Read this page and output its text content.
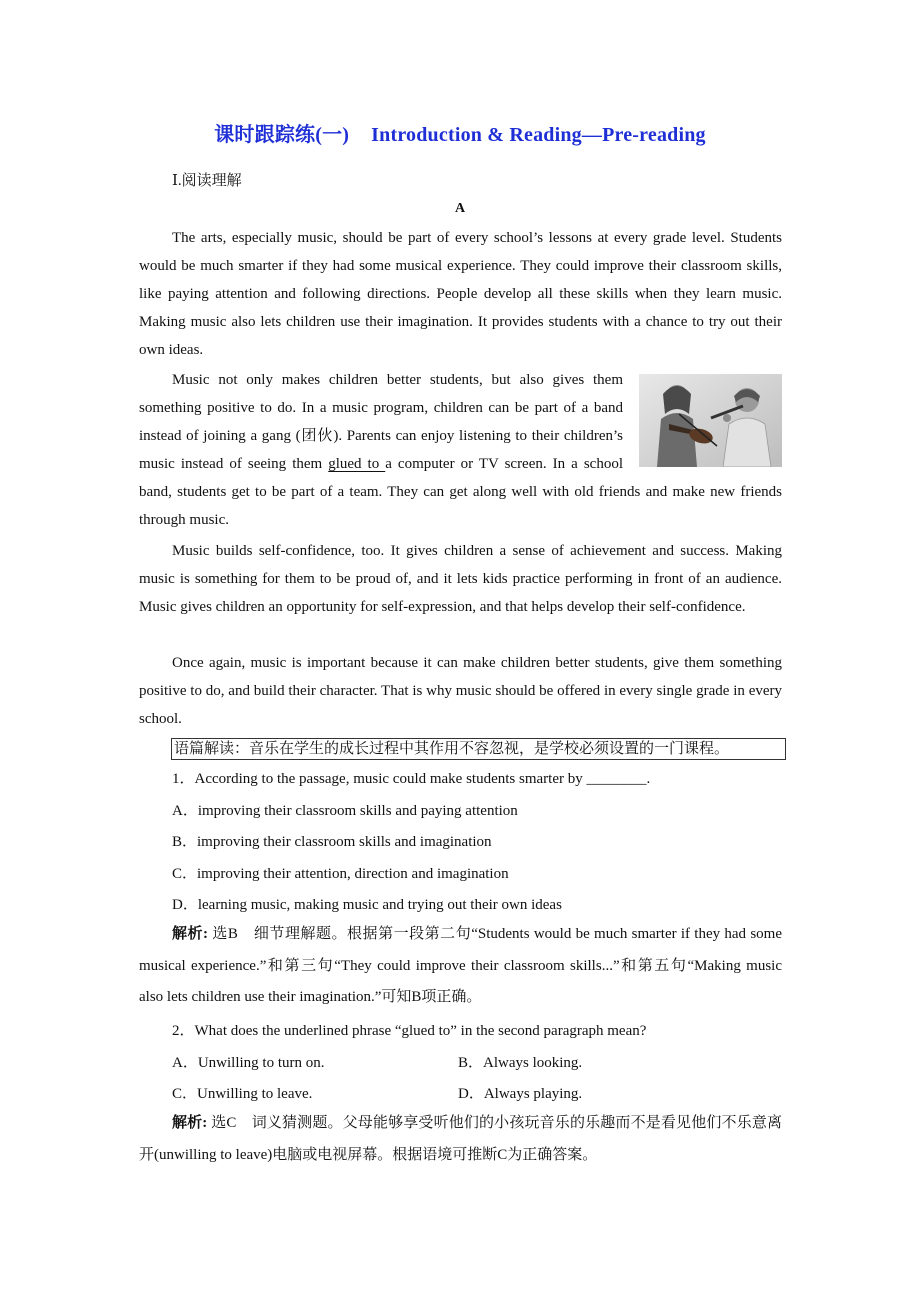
课时跟踪练(一) Introduction & Reading—Pre-reading
Ⅰ.阅读理解
A
The arts, especially music, should be part of every school’s lessons at every grade level. Students would be much smarter if they had some musical experience. They could improve their classroom skills, like paying attention and following directions. People develop all these skills when they learn music. Making music also lets children use their imagination. It provides students with a chance to try out their own ideas.
Music not only makes children better students, but also gives them something positive to do. In a music program, children can be part of a band instead of joining a gang (团伙). Parents can enjoy listening to their children’s music instead of seeing them glued to a computer or TV screen. In a school band, students get to be part of a team. They can get along well with old friends and make new friends through music.
Music builds self-confidence, too. It gives children a sense of achievement and success. Making music is something for them to be proud of, and it lets kids practice performing in front of an audience. Music gives children an opportunity for self-expression, and that helps develop their self-confidence.
Once again, music is important because it can make children better students, give them something positive to do, and build their character. That is why music should be offered in every single grade in every school.
语篇解读：音乐在学生的成长过程中其作用不容忽视，是学校必须设置的一门课程。
1．According to the passage, music could make students smarter by ________.
A．improving their classroom skills and paying attention
B．improving their classroom skills and imagination
C．improving their attention, direction and imagination
D．learning music, making music and trying out their own ideas
解析: 选B　细节理解题。根据第一段第二句“Students would be much smarter if they had some musical experience.”和第三句“They could improve their classroom skills...”和第五句“Making music also lets children use their imagination.”可知B项正确。
2．What does the underlined phrase “glued to” in the second paragraph mean?
A．Unwilling to turn on.	B．Always looking.
C．Unwilling to leave.	D．Always playing.
解析: 选C　词义猜测题。父母能够享受听他们的小孩玩音乐的乐趣而不是看见他们不乐意离开(unwilling to leave)电脑或电视屏幕。根据语境可推断C为正确答案。
